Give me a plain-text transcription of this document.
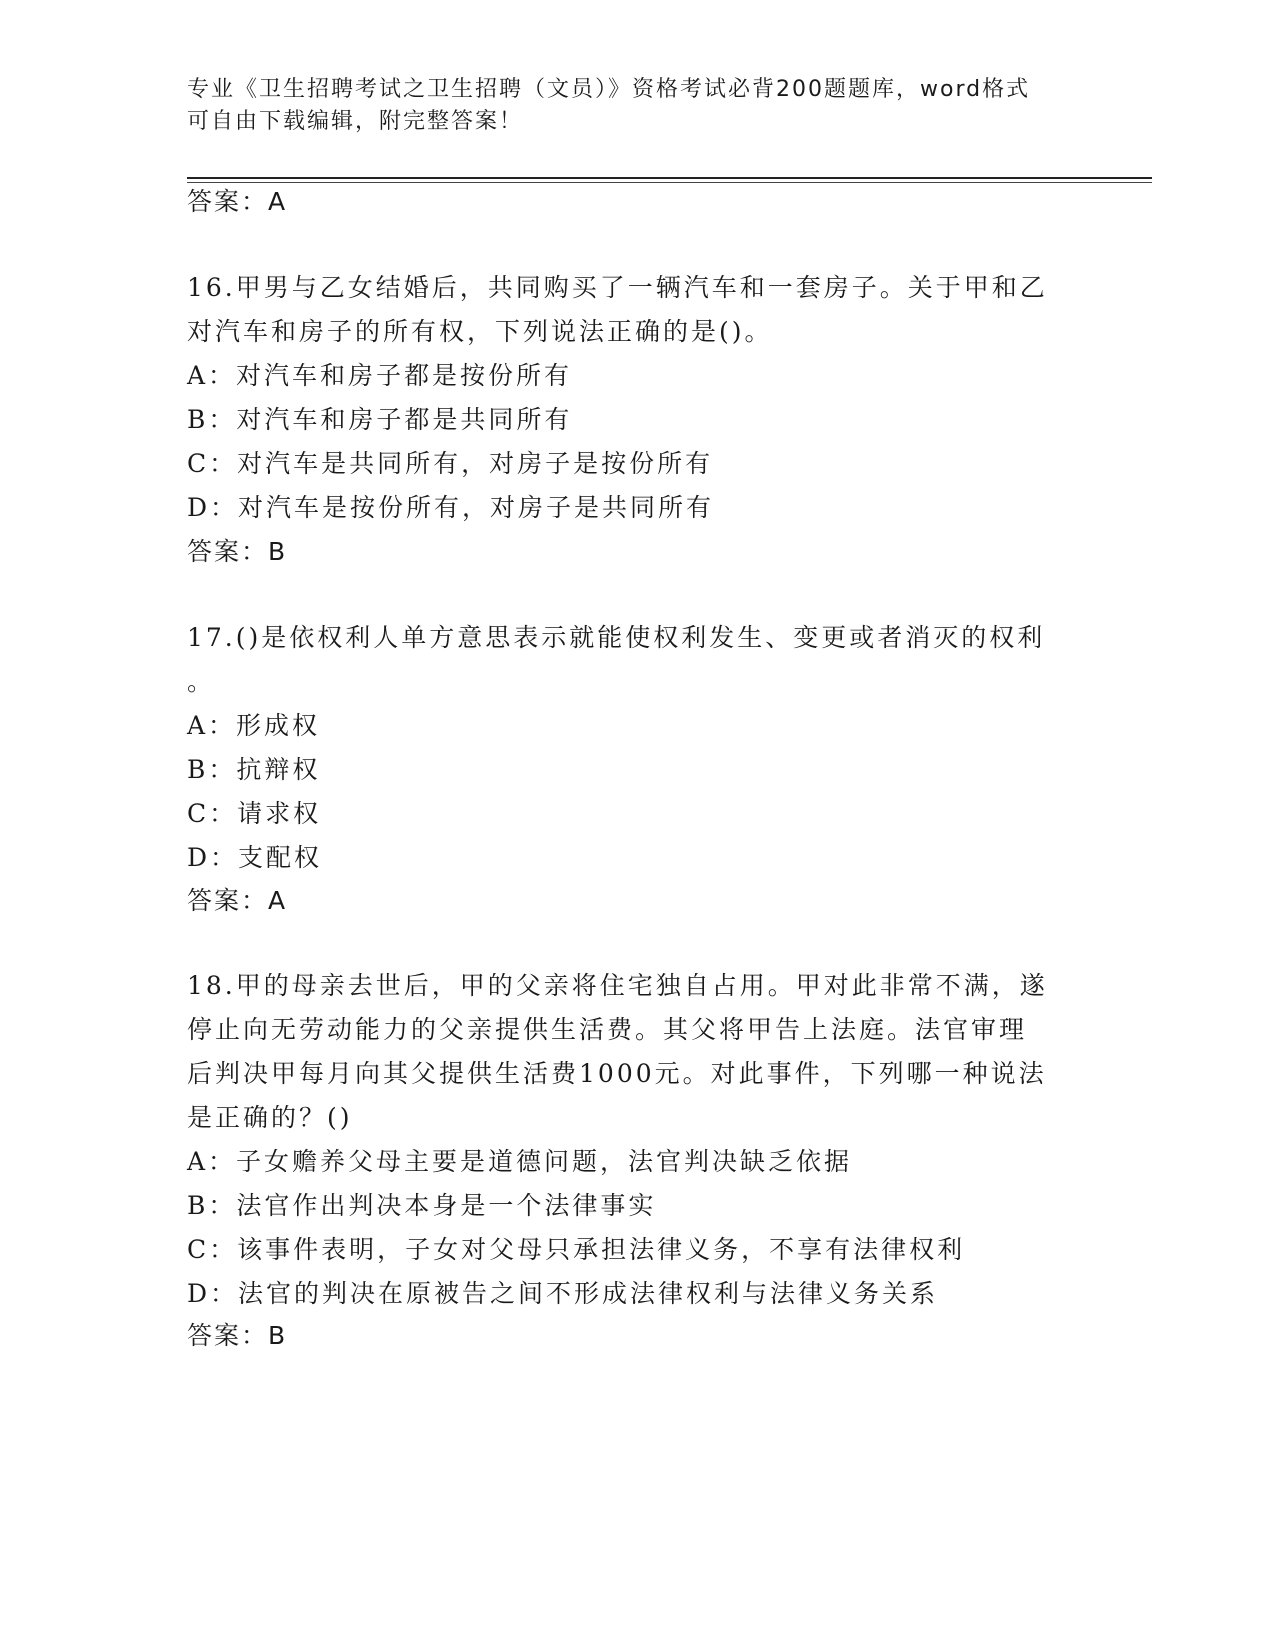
专业《卫生招聘考试之卫生招聘（文员）》资格考试必背200题题库，word格式
可自由下载编辑，附完整答案！
答案：A
16.甲男与乙女结婚后，共同购买了一辆汽车和一套房子。关于甲和乙
对汽车和房子的所有权，下列说法正确的是()。
A：对汽车和房子都是按份所有
B：对汽车和房子都是共同所有
C：对汽车是共同所有，对房子是按份所有
D：对汽车是按份所有，对房子是共同所有
答案：B
17.()是依权利人单方意思表示就能使权利发生、变更或者消灭的权利
。
A：形成权
B：抗辩权
C：请求权
D：支配权
答案：A
18.甲的母亲去世后，甲的父亲将住宅独自占用。甲对此非常不满，遂
停止向无劳动能力的父亲提供生活费。其父将甲告上法庭。法官审理
后判决甲每月向其父提供生活费1000元。对此事件，下列哪一种说法
是正确的？()
A：子女赡养父母主要是道德问题，法官判决缺乏依据
B：法官作出判决本身是一个法律事实
C：该事件表明，子女对父母只承担法律义务，不享有法律权利
D：法官的判决在原被告之间不形成法律权利与法律义务关系
答案：B
